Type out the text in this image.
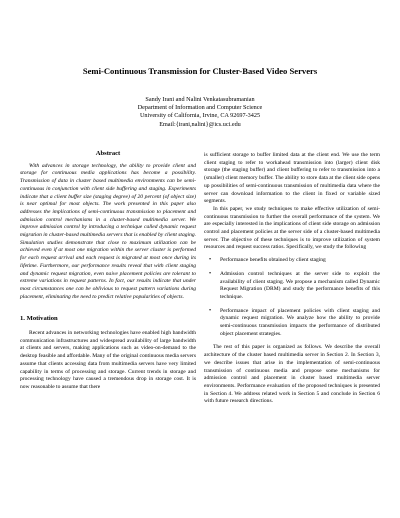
Semi-Continuous Transmission for Cluster-Based Video Servers
Sandy Irani and Nalini Venkatasubramanian
Department of Information and Computer Science
University of California, Irvine, CA 92697-3425
Email:{irani,nalini}@ics.uci.edu
Abstract

With advances in storage technology, the ability to provide client and storage for continuous media applications has become a possibility. Transmission of data in cluster based multimedia environments can be semi-continuous in conjunction with client side buffering and staging. Experiments indicate that a client buffer size (staging degree) of 20 percent (of object size) is near optimal for most objects. The work presented in this paper also addresses the implications of semi-continuous transmission to placement and admission control mechanisms in a cluster-based multimedia server. We improve admission control by introducing a technique called dynamic request migration in cluster-based multimedia servers that is enabled by client staging. Simulation studies demonstrate that close to maximum utilization can be achieved even if at most one migration within the server cluster is performed for each request arrival and each request is migrated at most once during its lifetime. Furthermore, our performance results reveal that with client staging and dynamic request migration, even naive placement policies are tolerant to extreme variations in request patterns. In fact, our results indicate that under most circumstances one can be oblivious to request pattern variations during placement, eliminating the need to predict relative popularities of objects.

1. Motivation

Recent advances in networking technologies have enabled high bandwidth communication infrastructures and widespread availability of large bandwidth at clients and servers, making applications such as video-on-demand to the desktop feasible and affordable. Many of the original continuous media servers assume that clients accessing data from multimedia servers have very limited capability in terms of processing and storage. Current trends in storage and processing technology have caused a tremendous drop in storage cost. It is now reasonable to assume that there

is sufficient storage to buffer limited data at the client end. We use the term client staging to refer to workahead transmission into (larger) client disk storage (the staging buffer) and client buffering to refer to transmission into a (smaller) client memory buffer. The ability to store data at the client side opens up possibilities of semi-continuous transmission of multimedia data where the server can download information to the client in fixed or variable sized segments.

In this paper, we study techniques to make effective utilization of semi-continuous transmission to further the overall performance of the system. We are especially interested in the implications of client side storage on admission control and placement policies at the server side of a cluster-based multimedia server. The objective of these techniques is to improve utilization of system resources and request success ratios. Specifically, we study the following

• Performance benefits obtained by client staging
• Admission control techniques at the server side to exploit the availability of client staging. We propose a mechanism called Dynamic Request Migration (DRM) and study the performance benefits of this technique.
• Performance impact of placement policies with client staging and dynamic request migration. We analyze how the ability to provide semi-continuous transmission impacts the performance of distributed object placement strategies.

The rest of this paper is organized as follows. We describe the overall architecture of the cluster based multimedia server in Section 2. In Section 3, we describe issues that arise in the implementation of semi-continuous transmission of continuous media and propose some mechanisms for admission control and placement in cluster based multimedia server environments. Performance evaluation of the proposed techniques is presented in Section 4. We address related work in Section 5 and conclude in Section 6 with future research directions.
